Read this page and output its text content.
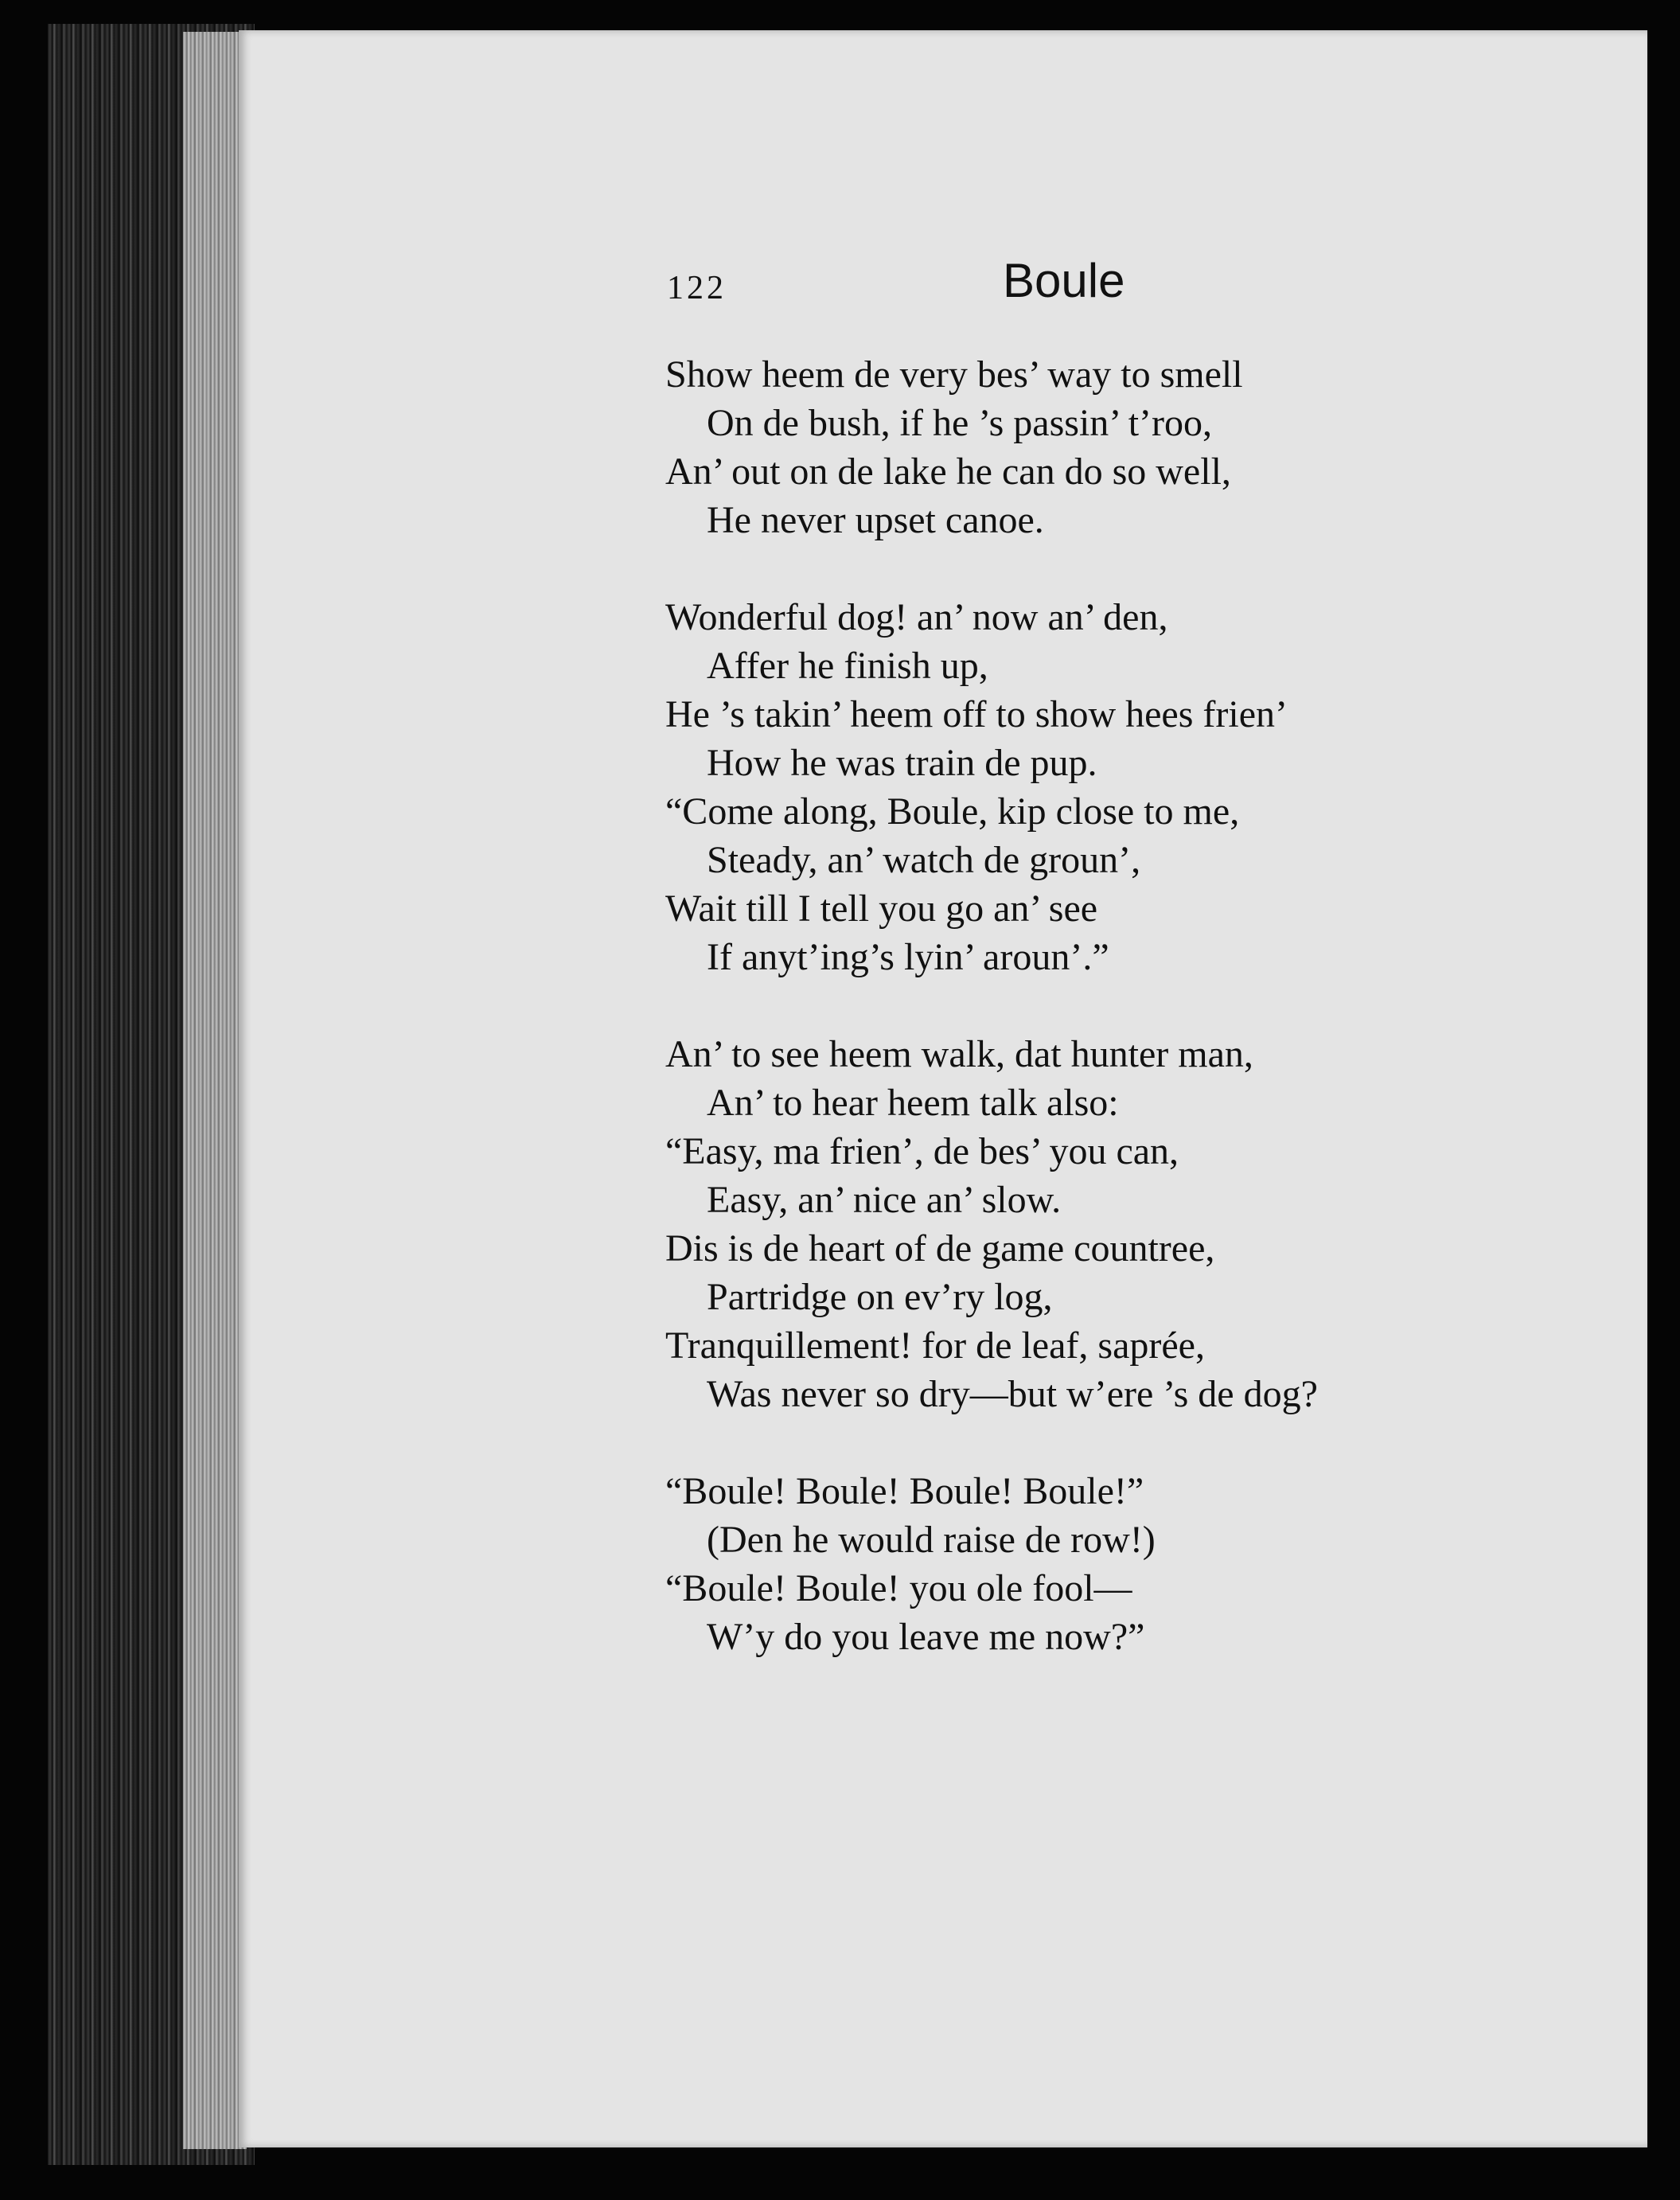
122	Boule
Show heem de very bes’ way to smell
On de bush, if he ’s passin’ t’roo,
An’ out on de lake he can do so well,
He never upset canoe.
Wonderful dog! an’ now an’ den,
Affer he finish up,
He ’s takin’ heem off to show hees frien’
How he was train de pup.
“Come along, Boule, kip close to me,
Steady, an’ watch de groun’,
Wait till I tell you go an’ see
If anyt’ing’s lyin’ aroun’.”
An’ to see heem walk, dat hunter man,
An’ to hear heem talk also:
“Easy, ma frien’, de bes’ you can,
Easy, an’ nice an’ slow.
Dis is de heart of de game countree,
Partridge on ev’ry log,
Tranquillement! for de leaf, saprée,
Was never so dry—but w’ere ’s de dog?
“Boule! Boule! Boule! Boule!”
(Den he would raise de row!)
“Boule! Boule! you ole fool—
W’y do you leave me now?”
